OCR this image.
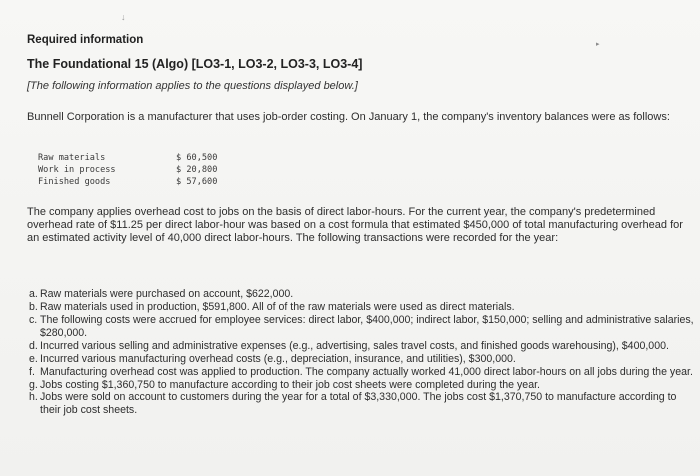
↓
▸
Required information
The Foundational 15 (Algo) [LO3-1, LO3-2, LO3-3, LO3-4]
[The following information applies to the questions displayed below.]
Bunnell Corporation is a manufacturer that uses job-order costing. On January 1, the company's inventory balances were as follows:
Raw materials	$ 60,500
Work in process	$ 20,800
Finished goods	$ 57,600
The company applies overhead cost to jobs on the basis of direct labor-hours. For the current year, the company's predetermined overhead rate of $11.25 per direct labor-hour was based on a cost formula that estimated $450,000 of total manufacturing overhead for an estimated activity level of 40,000 direct labor-hours. The following transactions were recorded for the year:
a. Raw materials were purchased on account, $622,000.
b. Raw materials used in production, $591,800. All of of the raw materials were used as direct materials.
c. The following costs were accrued for employee services: direct labor, $400,000; indirect labor, $150,000; selling and administrative salaries, $280,000.
d. Incurred various selling and administrative expenses (e.g., advertising, sales travel costs, and finished goods warehousing), $400,000.
e. Incurred various manufacturing overhead costs (e.g., depreciation, insurance, and utilities), $300,000.
f. Manufacturing overhead cost was applied to production. The company actually worked 41,000 direct labor-hours on all jobs during the year.
g. Jobs costing $1,360,750 to manufacture according to their job cost sheets were completed during the year.
h. Jobs were sold on account to customers during the year for a total of $3,330,000. The jobs cost $1,370,750 to manufacture according to their job cost sheets.
